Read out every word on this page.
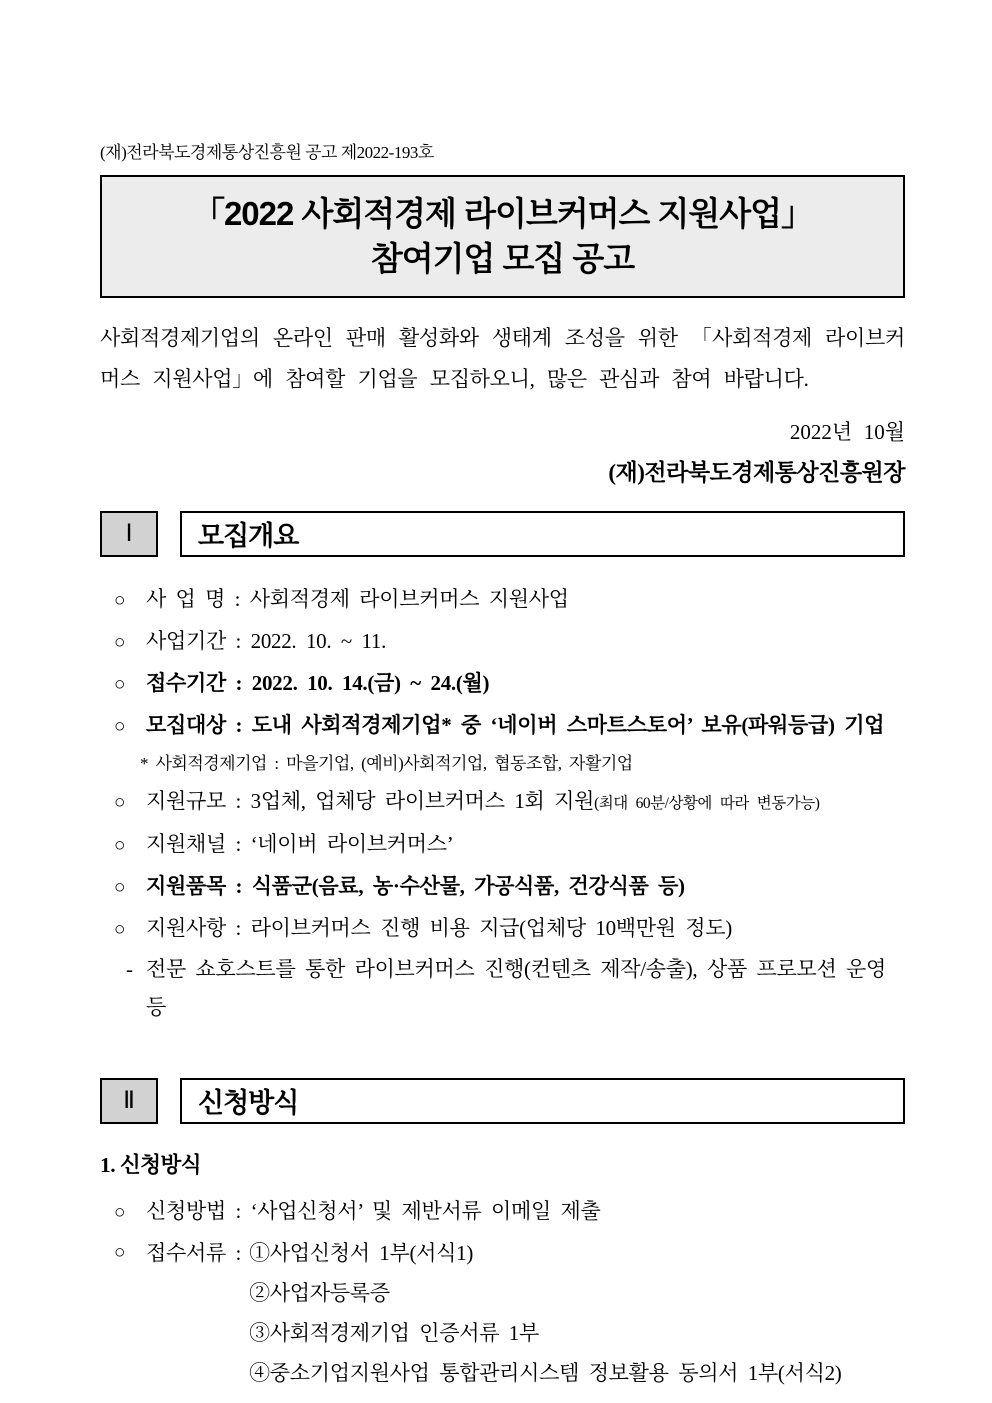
(재)전라북도경제통상진흥원 공고 제2022-193호
「2022 사회적경제 라이브커머스 지원사업」
참여기업 모집 공고

사회적경제기업의 온라인 판매 활성화와 생태계 조성을 위한 「사회적경제 라이브커머스 지원사업」에 참여할 기업을 모집하오니, 많은 관심과 참여 바랍니다.

2022년 10월
(재)전라북도경제통상진흥원장
Ⅰ	모집개요
○ 사 업 명 : 사회적경제 라이브커머스 지원사업
○ 사업기간 : 2022. 10. ~ 11.
○ 접수기간 : 2022. 10. 14.(금) ~ 24.(월)
○ 모집대상 : 도내 사회적경제기업* 중 ‘네이버 스마트스토어’ 보유(파워등급) 기업
* 사회적경제기업 : 마을기업, (예비)사회적기업, 협동조합, 자활기업
○ 지원규모 : 3업체, 업체당 라이브커머스 1회 지원(최대 60분/상황에 따라 변동가능)
○ 지원채널 : ‘네이버 라이브커머스’
○ 지원품목 : 식품군(음료, 농·수산물, 가공식품, 건강식품 등)
○ 지원사항 : 라이브커머스 진행 비용 지급(업체당 10백만원 정도)
- 전문 쇼호스트를 통한 라이브커머스 진행(컨텐츠 제작/송출), 상품 프로모션 운영 등
Ⅱ	신청방식
1. 신청방식
○ 신청방법 : ‘사업신청서’ 및 제반서류 이메일 제출
○ 접수서류 : ①사업신청서 1부(서식1)
②사업자등록증
③사회적경제기업 인증서류 1부
④중소기업지원사업 통합관리시스템 정보활용 동의서 1부(서식2)
